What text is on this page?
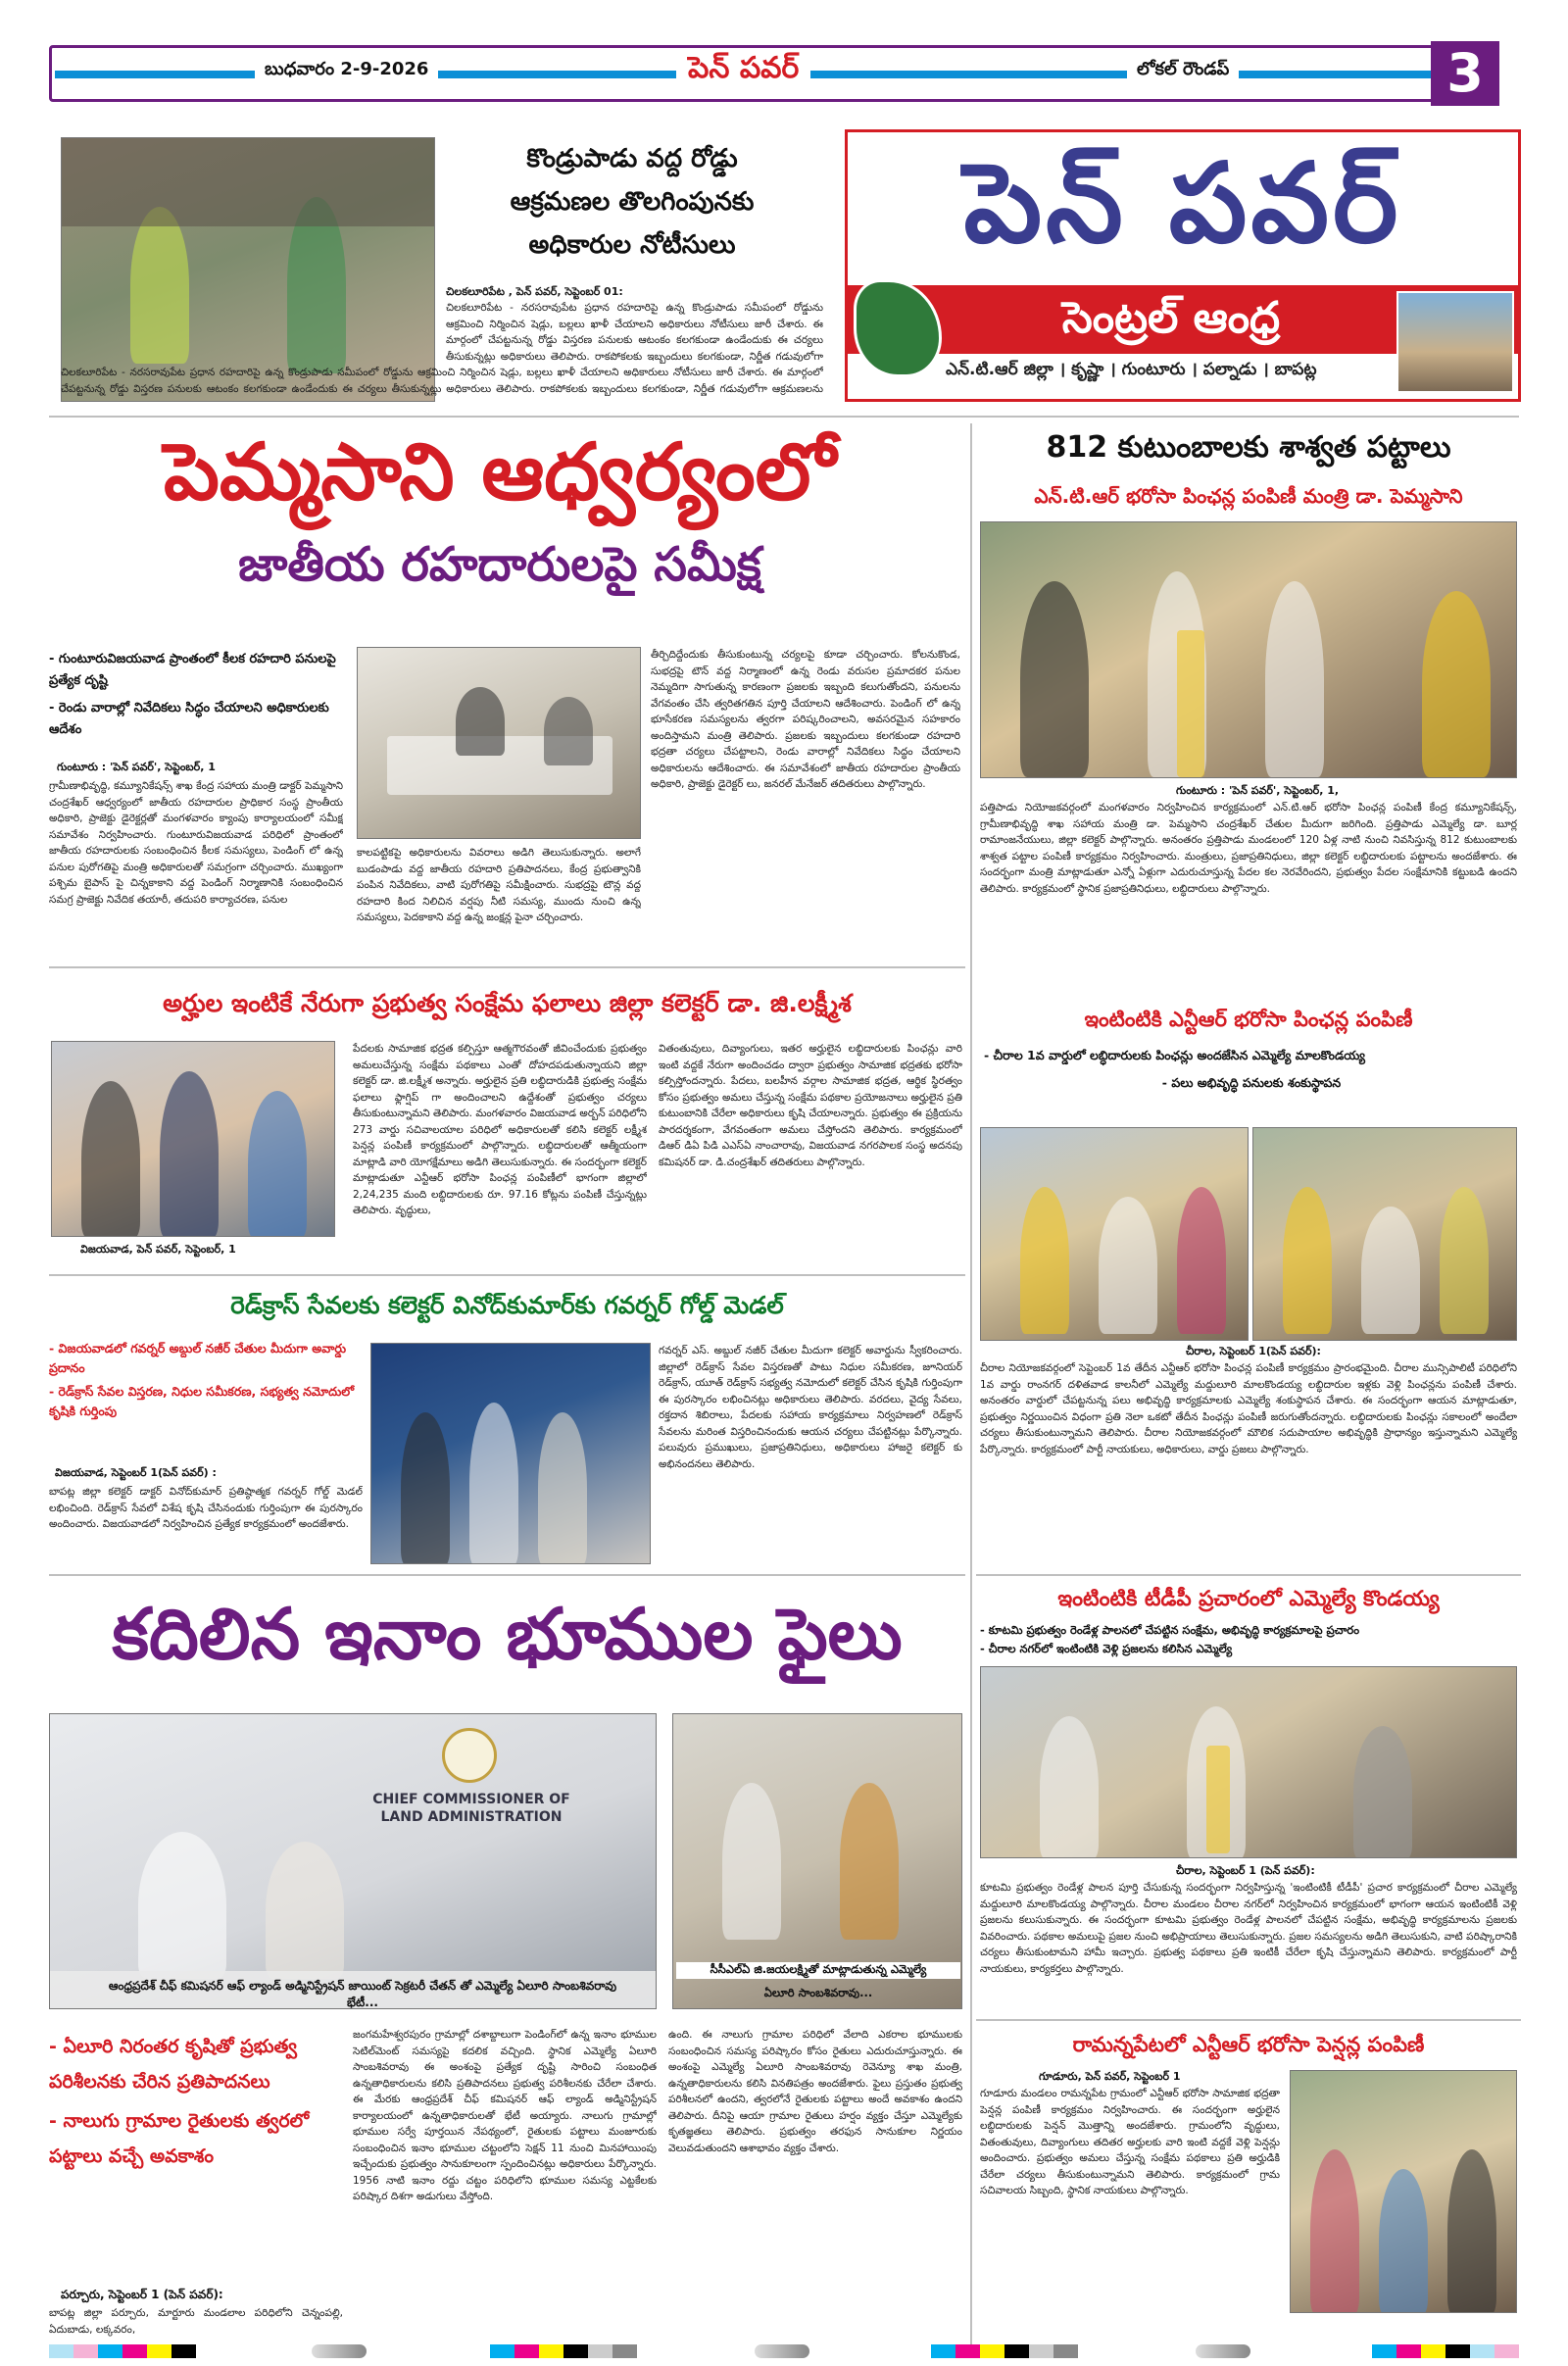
బుధవారం 2-9-2026	పెన్ పవర్	లోకల్ రౌండప్	3
కొండ్రుపాడు వద్ద రోడ్డు
ఆక్రమణల తొలగింపునకు
అధికారుల నోటీసులు
చిలకలూరిపేట , పెన్ పవర్, సెప్టెంబర్ 01:
చిలకలూరిపేట - నరసరావుపేట ప్రధాన రహదారిపై ఉన్న కొండ్రుపాడు సమీపంలో రోడ్డును ఆక్రమించి నిర్మించిన షెడ్లు, బల్లలు ఖాళీ చేయాలని అధికారులు నోటీసులు జారీ చేశారు. ఈ మార్గంలో చేపట్టనున్న రోడ్డు విస్తరణ పనులకు ఆటంకం కలగకుండా ఉండేందుకు ఈ చర్యలు తీసుకున్నట్లు అధికారులు తెలిపారు. రాకపోకలకు ఇబ్బందులు కలగకుండా, నిర్ణీత గడువులోగా
చిలకలూరిపేట - నరసరావుపేట ప్రధాన రహదారిపై ఉన్న కొండ్రుపాడు సమీపంలో రోడ్డును ఆక్రమించి నిర్మించిన షెడ్లు, బల్లలు ఖాళీ చేయాలని అధికారులు నోటీసులు జారీ చేశారు. ఈ మార్గంలో చేపట్టనున్న రోడ్డు విస్తరణ పనులకు ఆటంకం కలగకుండా ఉండేందుకు ఈ చర్యలు తీసుకున్నట్లు అధికారులు తెలిపారు. రాకపోకలకు ఇబ్బందులు కలగకుండా, నిర్ణీత గడువులోగా ఆక్రమణలను
పెన్ పవర్
సెంట్రల్ ఆంధ్ర
ఎన్.టి.ఆర్ జిల్లా । కృష్ణా । గుంటూరు । పల్నాడు । బాపట్ల
పెమ్మసాని ఆధ్వర్యంలో
జాతీయ రహదారులపై సమీక్ష
- గుంటూరువిజయవాడ ప్రాంతంలో కీలక రహదారి పనులపై ప్రత్యేక దృష్టి
- రెండు వారాల్లో నివేదికలు సిద్ధం చేయాలని అధికారులకు ఆదేశం
గుంటూరు : 'పెన్ పవర్', సెప్టెంబర్, 1
గ్రామీణాభివృద్ధి, కమ్యూనికేషన్స్ శాఖ కేంద్ర సహాయ మంత్రి డాక్టర్ పెమ్మసాని చంద్రశేఖర్ ఆధ్వర్యంలో జాతీయ రహదారుల ప్రాధికార సంస్థ ప్రాంతీయ అధికారి, ప్రాజెక్టు డైరెక్టర్లతో మంగళవారం క్యాంపు కార్యాలయంలో సమీక్ష సమావేశం నిర్వహించారు. గుంటూరువిజయవాడ పరిధిలో ప్రాంతంలో జాతీయ రహదారులకు సంబంధించిన కీలక సమస్యలు, పెండింగ్ లో ఉన్న పనుల పురోగతిపై మంత్రి అధికారులతో సమగ్రంగా చర్చించారు. ముఖ్యంగా పశ్చిమ బైపాస్ పై చిన్నకాకాని వద్ద పెండింగ్ నిర్మాణానికి సంబంధించిన సమగ్ర ప్రాజెక్టు నివేదిక తయారీ, తదుపరి కార్యాచరణ, పనుల
కాలపట్టికపై అధికారులను వివరాలు అడిగి తెలుసుకున్నారు. అలాగే బుడంపాడు వద్ద జాతీయ రహదారి ప్రతిపాదనలు, కేంద్ర ప్రభుత్వానికి పంపిన నివేదికలు, వాటి పురోగతిపై సమీక్షించారు. సుభద్రపై టౌన్ల వద్ద రహదారి కింద నిలిచిన వర్షపు నీటి సమస్య, ముందు నుంచి ఉన్న సమస్యలు, పెదకాకాని వద్ద ఉన్న జంక్షన్ల పైనా చర్చించారు.
తీర్చిదిద్దేందుకు తీసుకుంటున్న చర్యలపై కూడా చర్చించారు. కోలనుకొండ, సుభద్రపై టౌన్ వద్ద నిర్మాణంలో ఉన్న రెండు వరుసల ప్రమాదకర పనుల నెమ్మదిగా సాగుతున్న కారణంగా ప్రజలకు ఇబ్బంది కలుగుతోందని, పనులను వేగవంతం చేసి త్వరితగతిన పూర్తి చేయాలని ఆదేశించారు. పెండింగ్ లో ఉన్న భూసేకరణ సమస్యలను త్వరగా పరిష్కరించాలని, అవసరమైన సహకారం అందిస్తామని మంత్రి తెలిపారు. ప్రజలకు ఇబ్బందులు కలగకుండా రహదారి భద్రతా చర్యలు చేపట్టాలని, రెండు వారాల్లో నివేదికలు సిద్ధం చేయాలని అధికారులను ఆదేశించారు. ఈ సమావేశంలో జాతీయ రహదారుల ప్రాంతీయ అధికారి, ప్రాజెక్టు డైరెక్టర్ లు, జనరల్ మేనేజర్ తదితరులు పాల్గొన్నారు.
812 కుటుంబాలకు శాశ్వత పట్టాలు
ఎన్.టి.ఆర్ భరోసా పింఛన్ల పంపిణీ మంత్రి డా. పెమ్మసాని
గుంటూరు : 'పెన్ పవర్', సెప్టెంబర్, 1,
పత్తిపాడు నియోజకవర్గంలో మంగళవారం నిర్వహించిన కార్యక్రమంలో ఎన్.టి.ఆర్ భరోసా పింఛన్ల పంపిణీ కేంద్ర కమ్యూనికేషన్స్, గ్రామీణాభివృద్ధి శాఖ సహాయ మంత్రి డా. పెమ్మసాని చంద్రశేఖర్ చేతుల మీదుగా జరిగింది. ప్రత్తిపాడు ఎమ్మెల్యే డా. బూర్ల రామాంజనేయులు, జిల్లా కలెక్టర్ పాల్గొన్నారు. అనంతరం ప్రత్తిపాడు మండలంలో 120 ఏళ్ల నాటి నుంచి నివసిస్తున్న 812 కుటుంబాలకు శాశ్వత పట్టాల పంపిణీ కార్యక్రమం నిర్వహించారు. మంత్రులు, ప్రజాప్రతినిధులు, జిల్లా కలెక్టర్ లబ్ధిదారులకు పట్టాలను అందజేశారు. ఈ సందర్భంగా మంత్రి మాట్లాడుతూ ఎన్నో ఏళ్లుగా ఎదురుచూస్తున్న పేదల కల నెరవేరిందని, ప్రభుత్వం పేదల సంక్షేమానికి కట్టుబడి ఉందని తెలిపారు. కార్యక్రమంలో స్థానిక ప్రజాప్రతినిధులు, లబ్ధిదారులు పాల్గొన్నారు.
అర్హుల ఇంటికే నేరుగా ప్రభుత్వ సంక్షేమ ఫలాలు జిల్లా కలెక్టర్ డా. జి.లక్ష్మీశ
విజయవాడ, పెన్ పవర్, సెప్టెంబర్, 1
పేదలకు సామాజిక భద్రత కల్పిస్తూ ఆత్మగౌరవంతో జీవించేందుకు ప్రభుత్వం అమలుచేస్తున్న సంక్షేమ పథకాలు ఎంతో దోహదపడుతున్నాయని జిల్లా కలెక్టర్ డా. జి.లక్ష్మీశ అన్నారు. అర్హులైన ప్రతి లబ్ధిదారుడికి ప్రభుత్వ సంక్షేమ ఫలాలు ఫ్లాగ్షిప్ గా అందించాలని ఉద్దేశంతో ప్రభుత్వం చర్యలు తీసుకుంటున్నామని తెలిపారు. మంగళవారం విజయవాడ అర్బన్ పరిధిలోని 273 వార్డు సచివాలయాల పరిధిలో అధికారులతో కలిసి కలెక్టర్ లక్ష్మీశ పెన్షన్ల పంపిణీ కార్యక్రమంలో పాల్గొన్నారు. లబ్ధిదారులతో ఆత్మీయంగా మాట్లాడి వారి యోగక్షేమాలు అడిగి తెలుసుకున్నారు. ఈ సందర్భంగా కలెక్టర్ మాట్లాడుతూ ఎన్టీఆర్ భరోసా పింఛన్ల పంపిణీలో భాగంగా జిల్లాలో 2,24,235 మంది లబ్ధిదారులకు రూ. 97.16 కోట్లను పంపిణీ చేస్తున్నట్లు తెలిపారు. వృద్ధులు,
వితంతువులు, దివ్యాంగులు, ఇతర అర్హులైన లబ్ధిదారులకు పింఛన్లు వారి ఇంటి వద్దకే నేరుగా అందించడం ద్వారా ప్రభుత్వం సామాజిక భద్రతకు భరోసా కల్పిస్తోందన్నారు. పేదలు, బలహీన వర్గాల సామాజిక భద్రత, ఆర్థిక స్థిరత్వం కోసం ప్రభుత్వం అమలు చేస్తున్న సంక్షేమ పథకాల ప్రయోజనాలు అర్హులైన ప్రతి కుటుంబానికి చేరేలా అధికారులు కృషి చేయాలన్నారు. ప్రభుత్వం ఈ ప్రక్రియను పారదర్శకంగా, వేగవంతంగా అమలు చేస్తోందని తెలిపారు. కార్యక్రమంలో డిఆర్ డిఏ పిడి ఎఎస్ఏ నాంచారావు, విజయవాడ నగరపాలక సంస్థ అదనపు కమిషనర్ డా. డి.చంద్రశేఖర్ తదితరులు పాల్గొన్నారు.
ఇంటింటికి ఎన్టీఆర్ భరోసా పింఛన్ల పంపిణీ
- చీరాల 1వ వార్డులో లబ్ధిదారులకు పింఛన్లు అందజేసిన ఎమ్మెల్యే మాలకొండయ్య
- పలు అభివృద్ధి పనులకు శంకుస్థాపన
చీరాల, సెప్టెంబర్ 1(పెన్ పవర్):
చీరాల నియోజకవర్గంలో సెప్టెంబర్ 1వ తేదీన ఎన్టీఆర్ భరోసా పింఛన్ల పంపిణీ కార్యక్రమం ప్రారంభమైంది. చీరాల మున్సిపాలిటీ పరిధిలోని 1వ వార్డు రాంనగర్ దళితవాడ కాలనీలో ఎమ్మెల్యే మద్దులూరి మాలకొండయ్య లబ్ధిదారుల ఇళ్లకు వెళ్లి పింఛన్లను పంపిణీ చేశారు. అనంతరం వార్డులో చేపట్టనున్న పలు అభివృద్ధి కార్యక్రమాలకు ఎమ్మెల్యే శంకుస్థాపన చేశారు. ఈ సందర్భంగా ఆయన మాట్లాడుతూ, ప్రభుత్వం నిర్ణయించిన విధంగా ప్రతి నెలా ఒకటో తేదీన పింఛన్లు పంపిణీ జరుగుతోందన్నారు. లబ్ధిదారులకు పింఛన్లు సకాలంలో అందేలా చర్యలు తీసుకుంటున్నామని తెలిపారు. చీరాల నియోజకవర్గంలో మౌలిక సదుపాయాల అభివృద్ధికి ప్రాధాన్యం ఇస్తున్నామని ఎమ్మెల్యే పేర్కొన్నారు. కార్యక్రమంలో పార్టీ నాయకులు, అధికారులు, వార్డు ప్రజలు పాల్గొన్నారు.
రెడ్‌క్రాస్ సేవలకు కలెక్టర్ వినోద్‌కుమార్‌కు గవర్నర్ గోల్డ్ మెడల్
- విజయవాడలో గవర్నర్ అబ్దుల్ నజీర్ చేతుల మీదుగా అవార్డు ప్రదానం
- రెడ్‌క్రాస్ సేవల విస్తరణ, నిధుల సమీకరణ, సభ్యత్వ నమోదులో కృషికి గుర్తింపు
విజయవాడ, సెప్టెంబర్ 1(పెన్ పవర్) :
బాపట్ల జిల్లా కలెక్టర్ డాక్టర్ వినోద్‌కుమార్ ప్రతిష్ఠాత్మక గవర్నర్ గోల్డ్ మెడల్ లభించింది. రెడ్‌క్రాస్ సేవలో విశేష కృషి చేసినందుకు గుర్తింపుగా ఈ పురస్కారం అందించారు. విజయవాడలో నిర్వహించిన ప్రత్యేక కార్యక్రమంలో అందజేశారు.
గవర్నర్ ఎస్. అబ్దుల్ నజీర్ చేతుల మీదుగా కలెక్టర్ అవార్డును స్వీకరించారు. జిల్లాలో రెడ్‌క్రాస్ సేవల విస్తరణతో పాటు నిధుల సమీకరణ, జూనియర్ రెడ్‌క్రాస్, యూత్ రెడ్‌క్రాస్ సభ్యత్వ నమోదులో కలెక్టర్ చేసిన కృషికి గుర్తింపుగా ఈ పురస్కారం లభించినట్లు అధికారులు తెలిపారు. వరదలు, వైద్య సేవలు, రక్తదాన శిబిరాలు, పేదలకు సహాయ కార్యక్రమాలు నిర్వహణలో రెడ్‌క్రాస్ సేవలను మరింత విస్తరించినందుకు ఆయన చర్యలు చేపట్టినట్లు పేర్కొన్నారు. పలువురు ప్రముఖులు, ప్రజాప్రతినిధులు, అధికారులు హాజరై కలెక్టర్ కు అభినందనలు తెలిపారు.
ఇంటింటికి టీడీపీ ప్రచారంలో ఎమ్మెల్యే కొండయ్య
- కూటమి ప్రభుత్వం రెండేళ్ల పాలనలో చేపట్టిన సంక్షేమ, అభివృద్ధి కార్యక్రమాలపై ప్రచారం
- చీరాల నగర్‌లో ఇంటింటికి వెళ్లి ప్రజలను కలిసిన ఎమ్మెల్యే
చీరాల, సెప్టెంబర్ 1 (పెన్ పవర్):
కూటమి ప్రభుత్వం రెండేళ్ల పాలన పూర్తి చేసుకున్న సందర్భంగా నిర్వహిస్తున్న 'ఇంటింటికీ టీడీపీ' ప్రచార కార్యక్రమంలో చీరాల ఎమ్మెల్యే మద్దులూరి మాలకొండయ్య పాల్గొన్నారు. చీరాల మండలం చీరాల నగర్‌లో నిర్వహించిన కార్యక్రమంలో భాగంగా ఆయన ఇంటింటికీ వెళ్లి ప్రజలను కలుసుకున్నారు. ఈ సందర్భంగా కూటమి ప్రభుత్వం రెండేళ్ల పాలనలో చేపట్టిన సంక్షేమ, అభివృద్ధి కార్యక్రమాలను ప్రజలకు వివరించారు. పథకాల అమలుపై ప్రజల నుంచి అభిప్రాయాలు తెలుసుకున్నారు. ప్రజల సమస్యలను అడిగి తెలుసుకుని, వాటి పరిష్కారానికి చర్యలు తీసుకుంటామని హామీ ఇచ్చారు. ప్రభుత్వ పథకాలు ప్రతి ఇంటికీ చేరేలా కృషి చేస్తున్నామని తెలిపారు. కార్యక్రమంలో పార్టీ నాయకులు, కార్యకర్తలు పాల్గొన్నారు.
రామన్నపేటలో ఎన్టీఆర్ భరోసా పెన్షన్ల పంపిణీ
గూడూరు, పెన్ పవర్, సెప్టెంబర్ 1
గూడూరు మండలం రామన్నపేట గ్రామంలో ఎన్టీఆర్ భరోసా సామాజిక భద్రతా పెన్షన్ల పంపిణీ కార్యక్రమం నిర్వహించారు. ఈ సందర్భంగా అర్హులైన లబ్ధిదారులకు పెన్షన్ మొత్తాన్ని అందజేశారు. గ్రామంలోని వృద్ధులు, వితంతువులు, దివ్యాంగులు తదితర అర్హులకు వారి ఇంటి వద్దకే వెళ్లి పెన్షన్లు అందించారు. ప్రభుత్వం అమలు చేస్తున్న సంక్షేమ పథకాలు ప్రతి అర్హుడికి చేరేలా చర్యలు తీసుకుంటున్నామని తెలిపారు. కార్యక్రమంలో గ్రామ సచివాలయ సిబ్బంది, స్థానిక నాయకులు పాల్గొన్నారు.
కదిలిన ఇనాం భూముల ఫైలు
CHIEF COMMISSIONER OF LAND ADMINISTRATION
ఆంధ్రప్రదేశ్ చీఫ్ కమిషనర్ ఆఫ్ ల్యాండ్ అడ్మినిస్ట్రేషన్ జాయింట్ సెక్రటరీ చేతన్ తో ఎమ్మెల్యే ఏలూరి సాంబశివరావు భేటీ...
సీసీఎల్‌ఏ జి.జయలక్ష్మితో మాట్లాడుతున్న ఎమ్మెల్యే
ఏలూరి సాంబశివరావు...
- ఏలూరి నిరంతర కృషితో ప్రభుత్వ పరిశీలనకు చేరిన ప్రతిపాదనలు
- నాలుగు గ్రామాల రైతులకు త్వరలో పట్టాలు వచ్చే అవకాశం
పర్చూరు, సెప్టెంబర్ 1 (పెన్ పవర్):
బాపట్ల జిల్లా పర్చూరు, మార్టూరు మండలాల పరిధిలోని చెన్నంపల్లి, ఏదుబాడు, లక్కవరం,
జంగమహేశ్వరపురం గ్రామాల్లో దశాబ్దాలుగా పెండింగ్‌లో ఉన్న ఇనాం భూముల సెటిల్‌మెంట్ సమస్యపై కదలిక వచ్చింది. స్థానిక ఎమ్మెల్యే ఏలూరి సాంబశివరావు ఈ అంశంపై ప్రత్యేక దృష్టి సారించి సంబంధిత ఉన్నతాధికారులను కలిసి ప్రతిపాదనలు ప్రభుత్వ పరిశీలనకు చేరేలా చేశారు. ఈ మేరకు ఆంధ్రప్రదేశ్ చీఫ్ కమిషనర్ ఆఫ్ ల్యాండ్ అడ్మినిస్ట్రేషన్ కార్యాలయంలో ఉన్నతాధికారులతో భేటీ అయ్యారు. నాలుగు గ్రామాల్లో భూముల సర్వే పూర్తయిన నేపథ్యంలో, రైతులకు పట్టాలు మంజూరుకు సంబంధించిన ఇనాం భూముల చట్టంలోని సెక్షన్ 11 నుంచి మినహాయింపు ఇచ్చేందుకు ప్రభుత్వం సానుకూలంగా స్పందించినట్లు అధికారులు పేర్కొన్నారు. 1956 నాటి ఇనాం రద్దు చట్టం పరిధిలోని భూముల సమస్య ఎట్టకేలకు పరిష్కార దిశగా అడుగులు వేస్తోంది.
ఉంది. ఈ నాలుగు గ్రామాల పరిధిలో వేలాది ఎకరాల భూములకు సంబంధించిన సమస్య పరిష్కారం కోసం రైతులు ఎదురుచూస్తున్నారు. ఈ అంశంపై ఎమ్మెల్యే ఏలూరి సాంబశివరావు రెవెన్యూ శాఖ మంత్రి, ఉన్నతాధికారులను కలిసి వినతిపత్రం అందజేశారు. ఫైలు ప్రస్తుతం ప్రభుత్వ పరిశీలనలో ఉందని, త్వరలోనే రైతులకు పట్టాలు అందే అవకాశం ఉందని తెలిపారు. దీనిపై ఆయా గ్రామాల రైతులు హర్షం వ్యక్తం చేస్తూ ఎమ్మెల్యేకు కృతజ్ఞతలు తెలిపారు. ప్రభుత్వం తరఫున సానుకూల నిర్ణయం వెలువడుతుందని ఆశాభావం వ్యక్తం చేశారు.
